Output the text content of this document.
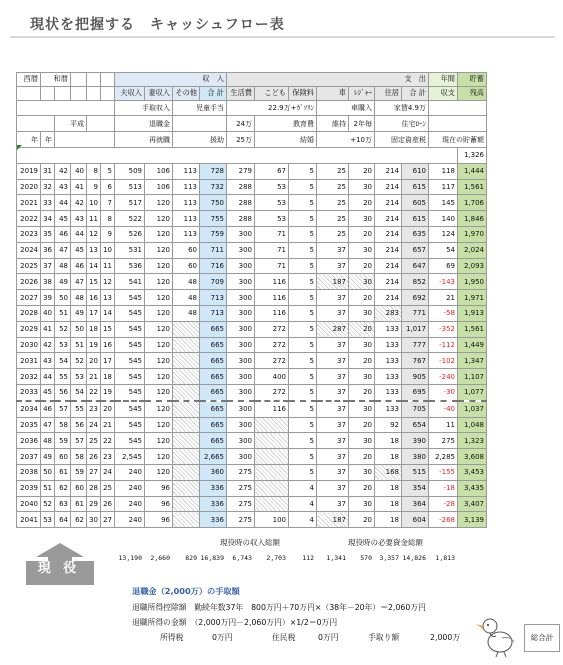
現状を把握する　キャッシュフロー表
西暦	和暦					収　入				支　出							年間	貯蓄
						夫収入	妻収入	その他	合 計	生活費	こども	保険料	車	ﾚｼﾞｬｰ	住居	合 計	収支	残高
						手取収入		児童手当		22.9万+ｶﾞｿﾘﾝ			車購入		家賃4.9万			
		平成				退職金				24万	教育費		維持	2年毎	住宅ﾛｰﾝ			
年	年					再就職		援助		25万	結婚		+10万		固定資産税		現在の貯蓄額	
																		1,326
2019	31	42	40	8	5	509	106	113	728	279	67	5	25	20	214	610	118	1,444
2020	32	43	41	9	6	513	106	113	732	288	53	5	25	30	214	615	117	1,561
2021	33	44	42	10	7	517	120	113	750	288	53	5	25	20	214	605	145	1,706
2022	34	45	43	11	8	522	120	113	755	288	53	5	25	30	214	615	140	1,846
2023	35	46	44	12	9	526	120	113	759	300	71	5	25	20	214	635	124	1,970
2024	36	47	45	13	10	531	120	60	711	300	71	5	37	30	214	657	54	2,024
2025	37	48	46	14	11	536	120	60	716	300	71	5	37	20	214	647	69	2,093
2026	38	49	47	15	12	541	120	48	709	300	116	5	187	30	214	852	-143	1,950
2027	39	50	48	16	13	545	120	48	713	300	116	5	37	20	214	692	21	1,971
2028	40	51	49	17	14	545	120	48	713	300	116	5	37	30	283	771	-58	1,913
2029	41	52	50	18	15	545	120		665	300	272	5	287	20	133	1,017	-352	1,561
2030	42	53	51	19	16	545	120		665	300	272	5	37	30	133	777	-112	1,449
2031	43	54	52	20	17	545	120		665	300	272	5	37	20	133	767	-102	1,347
2032	44	55	53	21	18	545	120		665	300	400	5	37	30	133	905	-240	1,107
2033	45	56	54	22	19	545	120		665	300	272	5	37	20	133	695	-30	1,077
2034	46	57	55	23	20	545	120		665	300	116	5	37	30	133	705	-40	1,037
2035	47	58	56	24	21	545	120		665	300		5	37	20	92	654	11	1,048
2036	48	59	57	25	22	545	120		665	300		5	37	30	18	390	275	1,323
2037	49	60	58	26	23	2,545	120		2,665	300		5	37	20	18	380	2,285	3,608
2038	50	61	59	27	24	240	120		360	275		5	37	30	168	515	-155	3,453
2039	51	62	60	28	25	240	96		336	275		4	37	20	18	354	-18	3,435
2040	52	63	61	29	26	240	96		336	275		4	37	30	18	364	-28	3,407
2041	53	64	62	30	27	240	96		336	275	100	4	187	20	18	604	-268	3,139
現役時の収入総額	現役時の必要資金総額
13,190	2,660	829 16,839	6,743	2,703	112	1,341	570	3,357 14,826	1,813
現 役
退職金（2,000万）の手取額
退職所得控除額　勤続年数37年　800万円＋70万円×（38年－20年）＝2,060万円
退職所得の金額　（2,000万円－2,060万円）×1/2＝0万円
所得税	0万円	住民税	0万円	手取り額	2,000万	総合計
